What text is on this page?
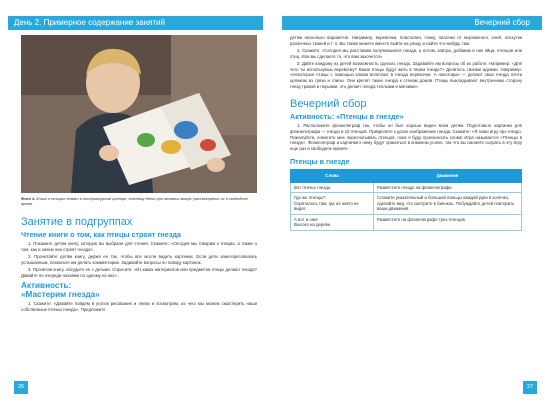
День 2. Примерное содержание занятий	Вечерний сбор
Фото 4. Книги о птицах лежат в литературном центре, поэтому дети при желании могут рассмотреть их в свободное время.
Занятие в подгруппах
Чтение книги о том, как птицы строят гнезда

1. Покажите детям книгу, которую вы выбрали для чтения. Скажите: «Сегодня мы говорим о птицах, а также о том, как и зачем они строят гнезда».

2. Прочитайте детям книгу, держа ее так, чтобы все могли видеть картинки. Если дети заинтересовались услышанным, позвольте им делать комментарии. Задавайте вопросы по поводу картинок.

3. Прочитав книгу, обсудите ее с детьми. Спросите: «Из каких материалов или предметов птицы делают гнезда? Давайте по очереди назовем по одному из них».

Активность:
«Мастерим гнезда»

1. Скажите: «Давайте пойдем в уголок рисования и лепки и посмотрим, из чего мы можем смастерить наши собственные птичьи гнезда». Предложите

26

детям несколько вариантов. Например, веревочки, пластилин, глину, палочки от мороженого, клей, лоскутки различных тканей и т. п. Вы также можете вместе выйти на улицу и найти что-нибудь там.

2. Скажите: «Сегодня мы расставим получившиеся гнезда, а потом, завтра, добавим в них яйца, птенцов или птиц. Или вы сделаете то, что вам захочется».

3. Дайте каждому из детей возможность сделать гнездо. Задавайте им вопросы об их работе. Например: «Для чего ты используешь веревочку? Какие птицы будут жить в твоем гнезде?» Делитесь своими идеями. Например: «Некоторые птицы с помощью клюва вплетают в гнезда веревочки. А некоторые — делают свои гнезда почти целиком из грязи и глины. Они крепят такие гнезда к стенам домов. Птицы выкладывают внутреннюю сторону гнезд травой и перьями, это делает гнезда теплыми и мягкими».

Вечерний сбор
Активность: «Птенцы в гнезде»

1. Расположите фланелеграф так, чтобы он был хорошо виден всем детям. Подготовьте картинки для фланелеграфа — гнездо и 10 птенцов. Прикрепите к доске изображение гнезда. Скажите: «Я знаю игру про гнездо. Пожалуйста, помогите мне пересчитывать птенцов, пока я буду произносить слова! Игра называется «Птенцы в гнезде». Фланелеграф и картинки к нему будут храниться в книжном уголке, так что вы сможете сыграть в эту игру еще раз в свободное время».

Птенцы в гнезде
Слова	Движения
Вот птичье гнездо.	Разместите гнездо на фланелеграфе.
Где же птенцы?
Спряталось там, где их никто не видит.	Сложите указательный и большой пальцы каждой руки в колечко, сделайте вид, что смотрите в бинокль. Побуждайте детей повторить ваши движения.
А вот и они!
Высоко на дереве.	Разместите на фланелеграфе трех птенцов.
27
